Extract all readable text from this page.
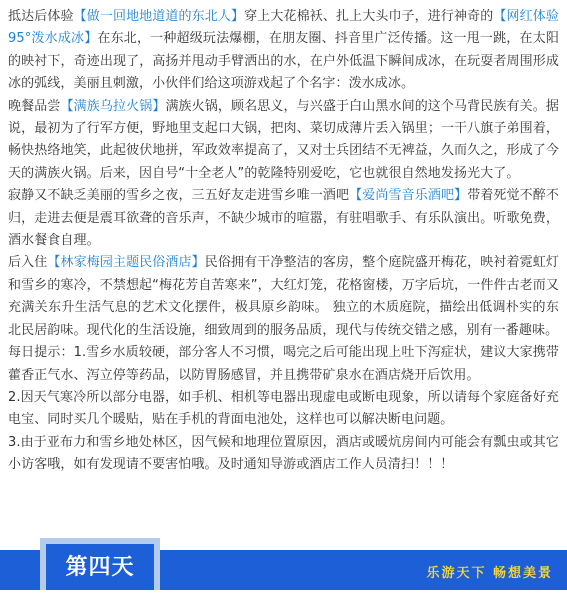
抵达后体验【做一回地地道道的东北人】穿上大花棉袄、扎上大头巾子，进行神奇的【网红体验95°泼水成冰】在东北，一种超级玩法爆棚，在朋友圈、抖音里广泛传播。这一甩一跳，在太阳的映衬下，奇迹出现了，高扬并甩动手臂洒出的水，在户外低温下瞬间成冰，在玩耍者周围形成冰的弧线，美丽且刺激，小伙伴们给这项游戏起了个名字：泼水成冰。

晚餐品尝【满族乌拉火锅】满族火锅，顾名思义，与兴盛于白山黑水间的这个马背民族有关。据说，最初为了行军方便，野地里支起口大锅，把肉、菜切成薄片丢入锅里；一干八旗子弟围着，畅快热络地笑，此起彼伏地拼，军政效率提高了，又对士兵团结不无裨益，久而久之，形成了今天的满族火锅。后来，因自号“十全老人”的乾隆特别爱吃，它也就很自然地发扬光大了。

寂静又不缺乏美丽的雪乡之夜，三五好友走进雪乡唯一酒吧【爱尚雪音乐酒吧】带着死觉不醉不归，走进去便是震耳欲聋的音乐声，不缺少城市的喧嚣，有驻唱歌手、有乐队演出。听歌免费，酒水餐食自理。

后入住【林家梅园主题民俗酒店】民俗拥有干净整洁的客房，整个庭院盛开梅花，映衬着霓虹灯和雪乡的寒冷，不禁想起“梅花芳自苦寒来”，大红灯笼，花格窗楼，万字后坑，一件件古老而又充满关东升生活气息的艺术文化摆件，极具原乡韵味。 独立的木质庭院，描绘出低调朴实的东北民居韵味。现代化的生活设施，细致周到的服务品质，现代与传统交错之感，别有一番趣味。

每日提示：1.雪乡水质较硬，部分客人不习惯，喝完之后可能出现上吐下泻症状，建议大家携带藿香正气水、泻立停等药品，以防胃肠感冒，并且携带矿泉水在酒店烧开后饮用。

2.因天气寒冷所以部分电器，如手机、相机等电器出现虚电或断电现象，所以请每个家庭备好充电宝、同时买几个暖贴，贴在手机的背面电池处，这样也可以解决断电问题。

3.由于亚布力和雪乡地处林区，因气候和地理位置原因，酒店或暖炕房间内可能会有瓢虫或其它小访客哦，如有发现请不要害怕哦。及时通知导游或酒店工作人员清扫！！！

第四天	乐游天下 畅想美景
